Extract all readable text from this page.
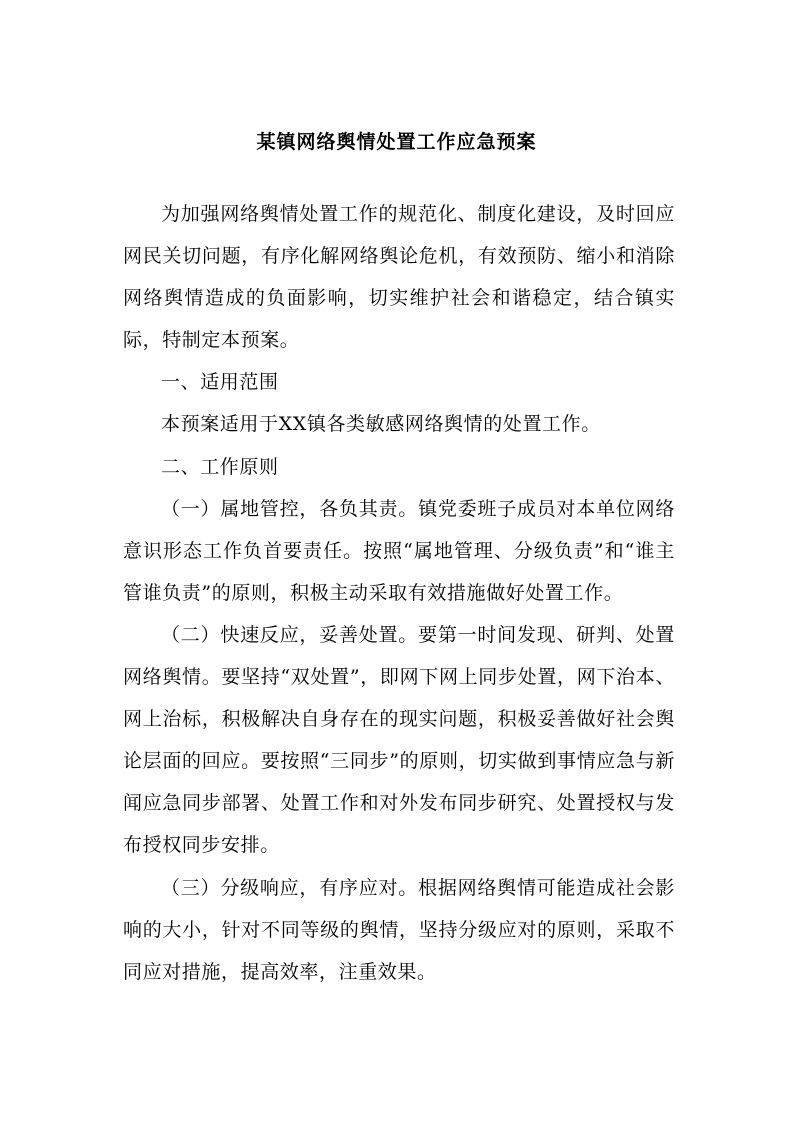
某镇网络舆情处置工作应急预案

为加强网络舆情处置工作的规范化、制度化建设，及时回应网民关切问题，有序化解网络舆论危机，有效预防、缩小和消除网络舆情造成的负面影响，切实维护社会和谐稳定，结合镇实际，特制定本预案。

一、适用范围

本预案适用于XX镇各类敏感网络舆情的处置工作。

二、工作原则

（一）属地管控，各负其责。镇党委班子成员对本单位网络意识形态工作负首要责任。按照“属地管理、分级负责”和“谁主管谁负责”的原则，积极主动采取有效措施做好处置工作。

（二）快速反应，妥善处置。要第一时间发现、研判、处置网络舆情。要坚持“双处置”，即网下网上同步处置，网下治本、网上治标，积极解决自身存在的现实问题，积极妥善做好社会舆论层面的回应。要按照“三同步”的原则，切实做到事情应急与新闻应急同步部署、处置工作和对外发布同步研究、处置授权与发布授权同步安排。

（三）分级响应，有序应对。根据网络舆情可能造成社会影响的大小，针对不同等级的舆情，坚持分级应对的原则，采取不同应对措施，提高效率，注重效果。
